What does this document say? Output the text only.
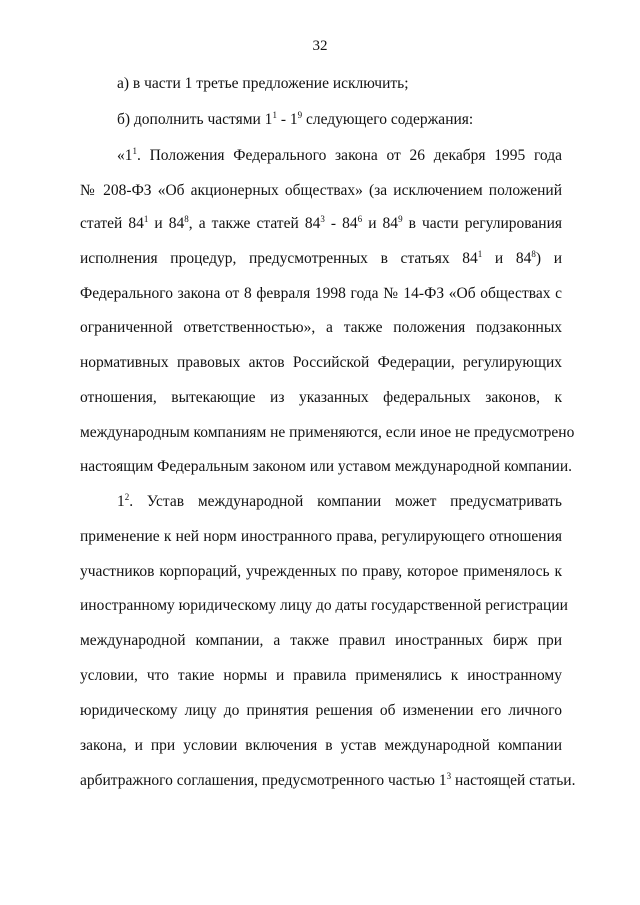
32
а) в части 1 третье предложение исключить;
б) дополнить частями $1^1 - 1^9$ следующего содержания:
«$1^1$. Положения Федерального закона от 26 декабря 1995 года
№ 208-ФЗ «Об акционерных обществах» (за исключением положений
статей $84^1$ и $84^8$, а также статей $84^3 - 84^6$ и $84^9$ в части регулирования
исполнения процедур, предусмотренных в статьях $84^1$ и $84^8$) и
Федерального закона от 8 февраля 1998 года № 14-ФЗ «Об обществах с
ограниченной ответственностью», а также положения подзаконных
нормативных правовых актов Российской Федерации, регулирующих
отношения, вытекающие из указанных федеральных законов, к
международным компаниям не применяются, если иное не предусмотрено
настоящим Федеральным законом или уставом международной компании.
$1^2$. Устав международной компании может предусматривать
применение к ней норм иностранного права, регулирующего отношения
участников корпораций, учрежденных по праву, которое применялось к
иностранному юридическому лицу до даты государственной регистрации
международной компании, а также правил иностранных бирж при
условии, что такие нормы и правила применялись к иностранному
юридическому лицу до принятия решения об изменении его личного
закона, и при условии включения в устав международной компании
арбитражного соглашения, предусмотренного частью $1^3$ настоящей статьи.
